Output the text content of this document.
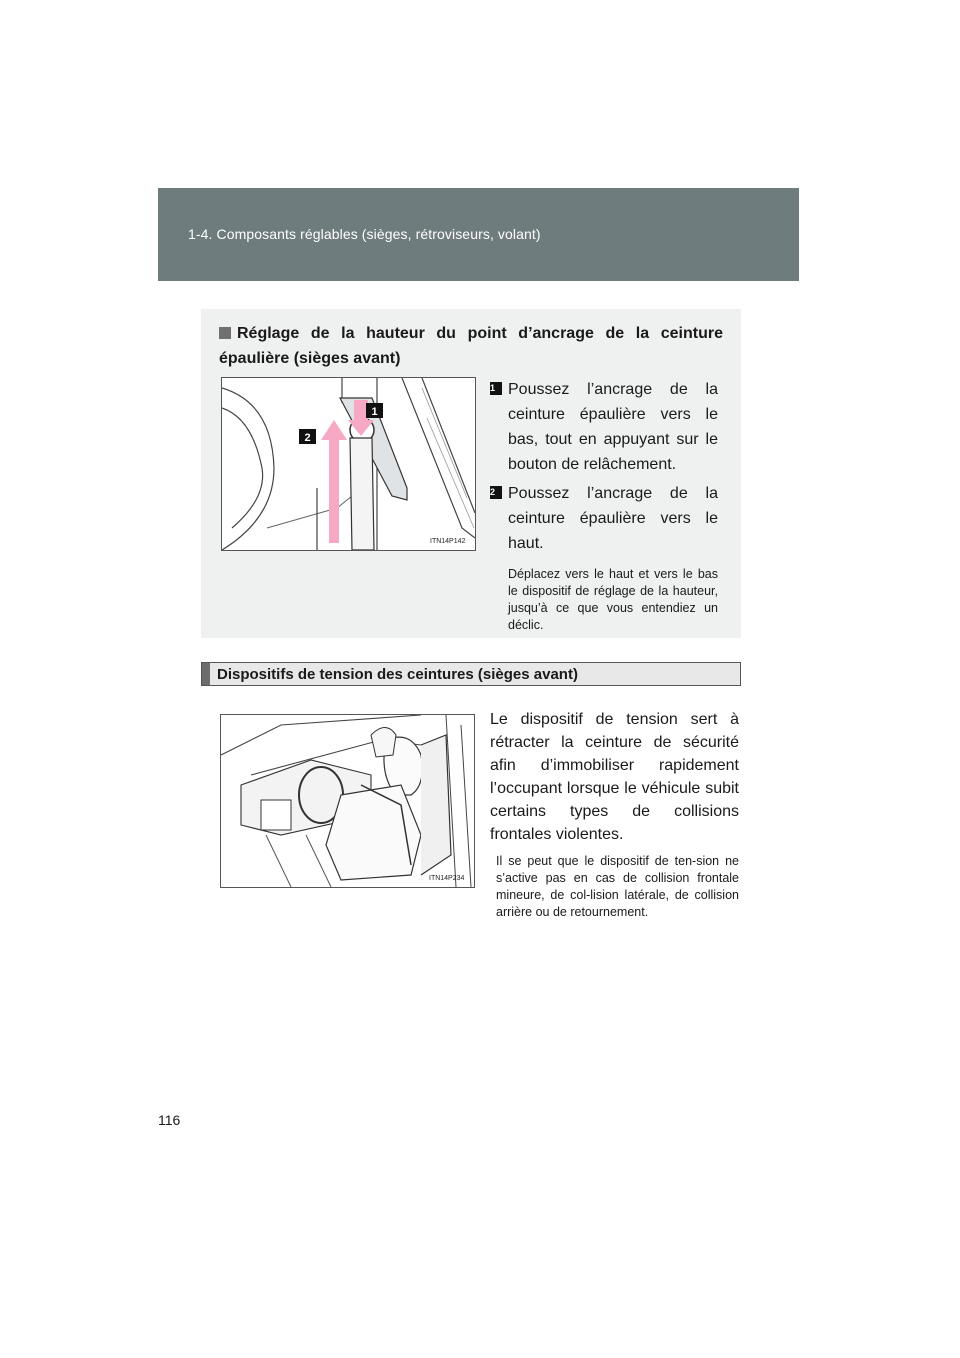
1-4. Composants réglables (sièges, rétroviseurs, volant)
Réglage de la hauteur du point d’ancrage de la ceinture épaulière (sièges avant)
1
2
ITN14P142
1 Poussez l’ancrage de la ceinture épaulière vers le bas, tout en appuyant sur le bouton de relâchement.
2 Poussez l’ancrage de la ceinture épaulière vers le haut.
Déplacez vers le haut et vers le bas le dispositif de réglage de la hauteur, jusqu’à ce que vous entendiez un déclic.
Dispositifs de tension des ceintures (sièges avant)
ITN14P234
Le dispositif de tension sert à rétracter la ceinture de sécurité afin d’immobiliser rapidement l’occupant lorsque le véhicule subit certains types de collisions frontales violentes.
Il se peut que le dispositif de ten-sion ne s’active pas en cas de collision frontale mineure, de col-lision latérale, de collision arrière ou de retournement.
116
